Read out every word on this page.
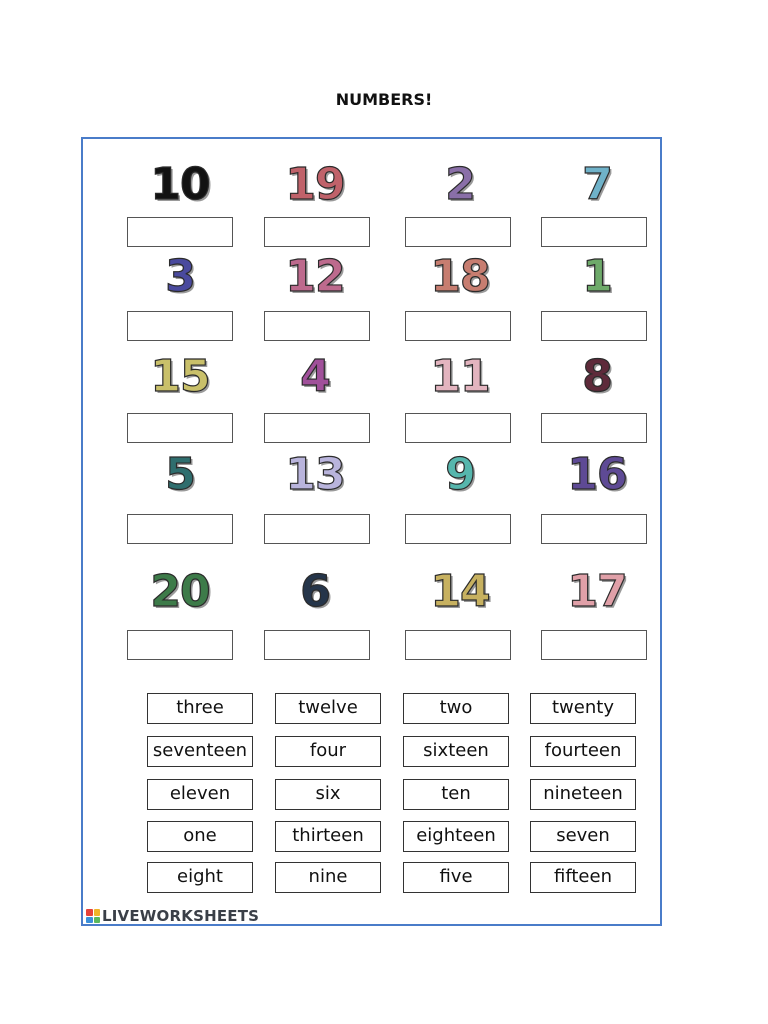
NUMBERS!
10	19	2	7
3	12	18	1
15	4	11	8
5	13	9	16
20	6	14	17
three	twelve	two	twenty
seventeen	four	sixteen	fourteen
eleven	six	ten	nineteen
one	thirteen	eighteen	seven
eight	nine	five	fifteen
LIVEWORKSHEETS
